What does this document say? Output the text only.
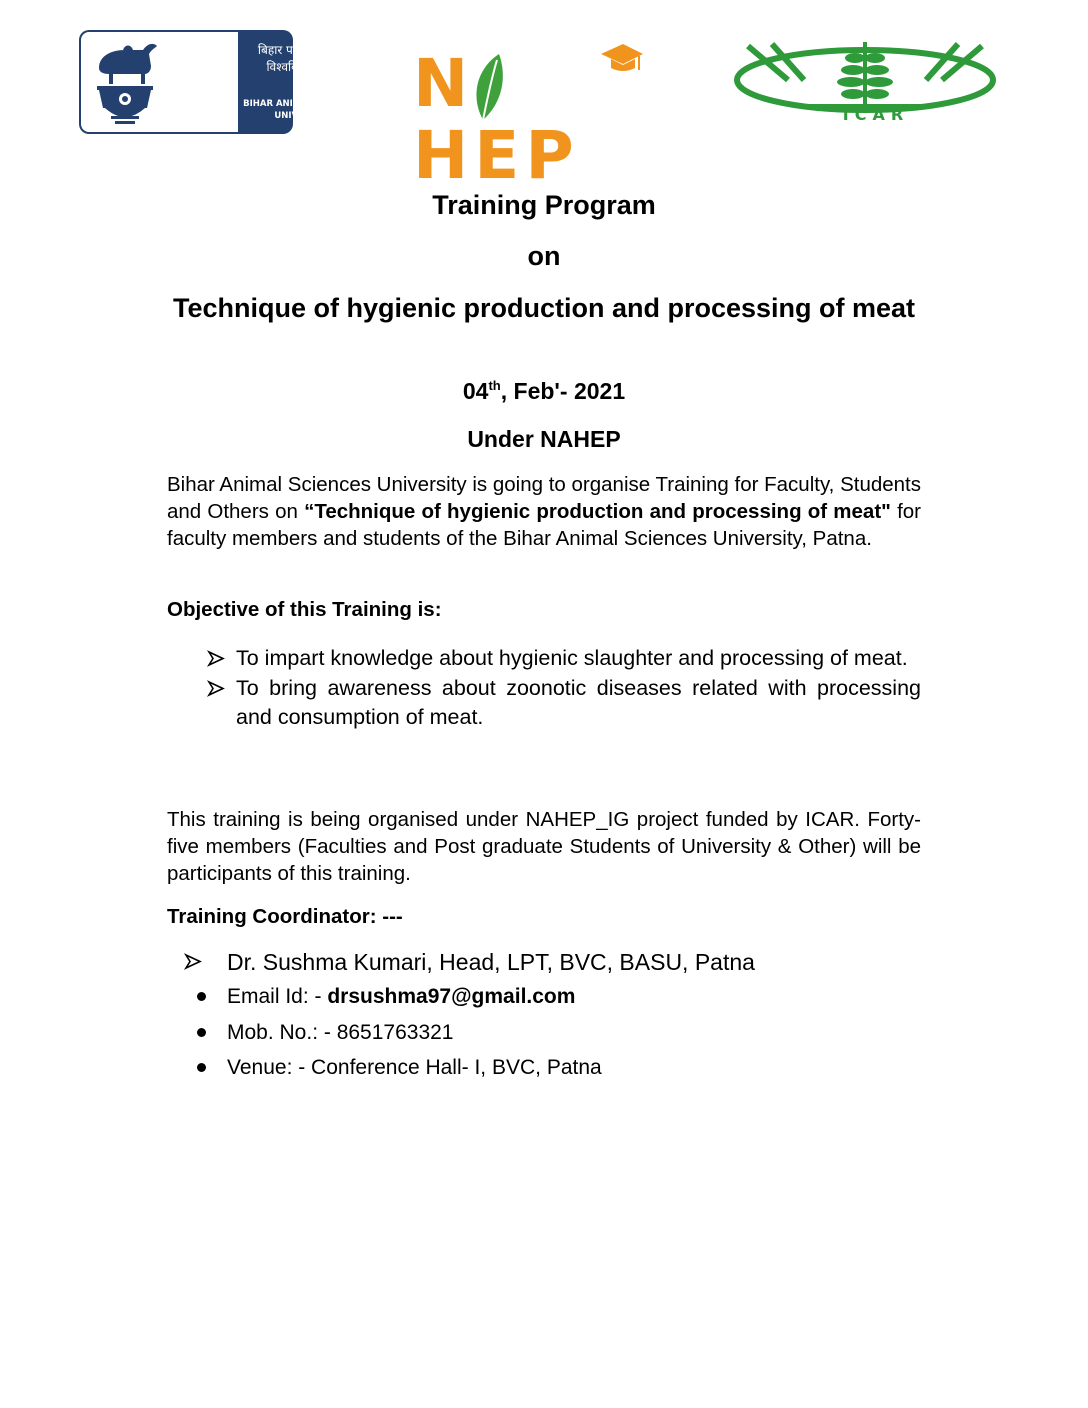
बिहार पशु विज्ञान
विश्वविद्यालय
BIHAR ANIMAL SCIENCES
UNIVERSITY	NHEP
ICAR
Training Program
on
Technique of hygienic production and processing of meat
04th, Feb'- 2021
Under NAHEP
Bihar Animal Sciences University is going to organise Training for Faculty, Students and Others on “Technique of hygienic production and processing of meat" for faculty members and students of the Bihar Animal Sciences University, Patna.
Objective of this Training is:
To impart knowledge about hygienic slaughter and processing of meat.
To bring awareness about zoonotic diseases related with processing and consumption of meat.
This training is being organised under NAHEP_IG project funded by ICAR. Forty-five members (Faculties and Post graduate Students of University & Other) will be participants of this training.
Training Coordinator: ---
Dr. Sushma Kumari, Head, LPT, BVC, BASU, Patna
Email Id: - drsushma97@gmail.com
Mob. No.: - 8651763321
Venue: - Conference Hall- I, BVC, Patna
